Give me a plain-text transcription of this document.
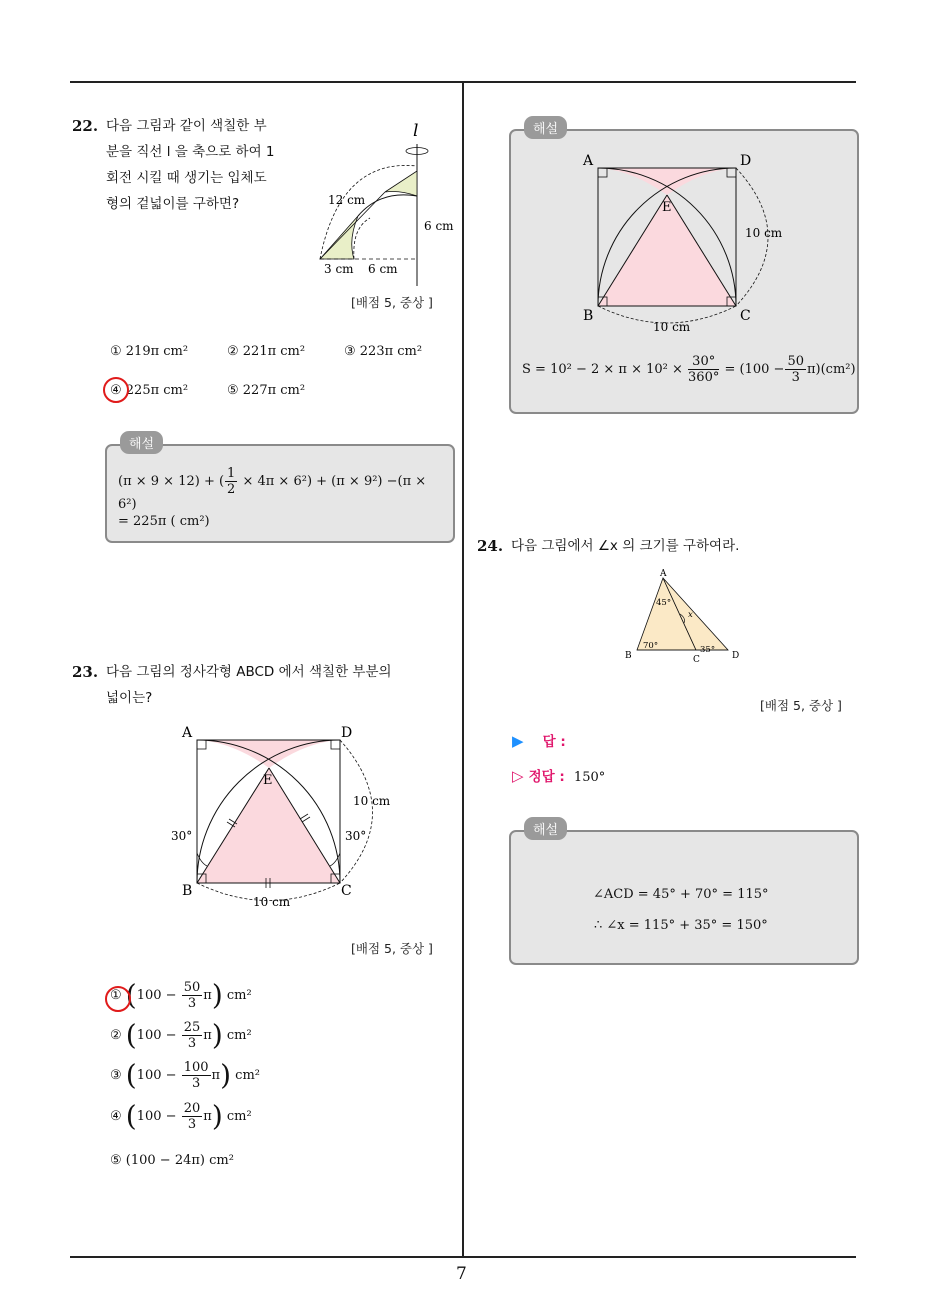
7
22. 다음 그림과 같이 색칠한 부
분을 직선 l 을 축으로 하여 1
회전 시킬 때 생기는 입체도
형의 겉넓이를 구하면?
l
12 cm
6 cm
3 cm 6 cm
[배점 5, 중상 ]
① 219π cm²	② 221π cm²	③ 223π cm²
④ 225π cm²	⑤ 227π cm²
해설
(π × 9 × 12) + ( $\frac{1}{2} \times 4\pi \times 6^2) + (\pi \times 9^2) -(\pi \times 6^2)$
= 225π ( cm²)
23. 다음 그림의 정사각형 ABCD 에서 색칠한 부분의
넓이는?
A	D
B	C
E
10 cm
10 cm
30°	30°
[배점 5, 중상 ]
① $(100 - \frac{50}{3} \pi)$ cm²
② $(100 - \frac{25}{3} \pi)$ cm²
③ $(100 - \frac{100}{3} \pi)$ cm²
④ $(100 - \frac{20}{3} \pi)$ cm²
⑤ (100 − 24π) cm²
해설
A	D
B	C
E
10 cm
10 cm
$S = 10^2 - 2 \times \pi \times 10^2 \times \frac{30^\circ}{360^\circ} = (100 - \frac{50}{3} \pi)(cm^2)$
24. 다음 그림에서 ∠x 의 크기를 구하여라.
A
B	C	D
45°
70°	35°
x
[배점 5, 중상 ]
▶ 답 :
▷ 정답 : 150°
해설
∠ACD = 45° + 70° = 115°
∴ ∠x = 115° + 35° = 150°
